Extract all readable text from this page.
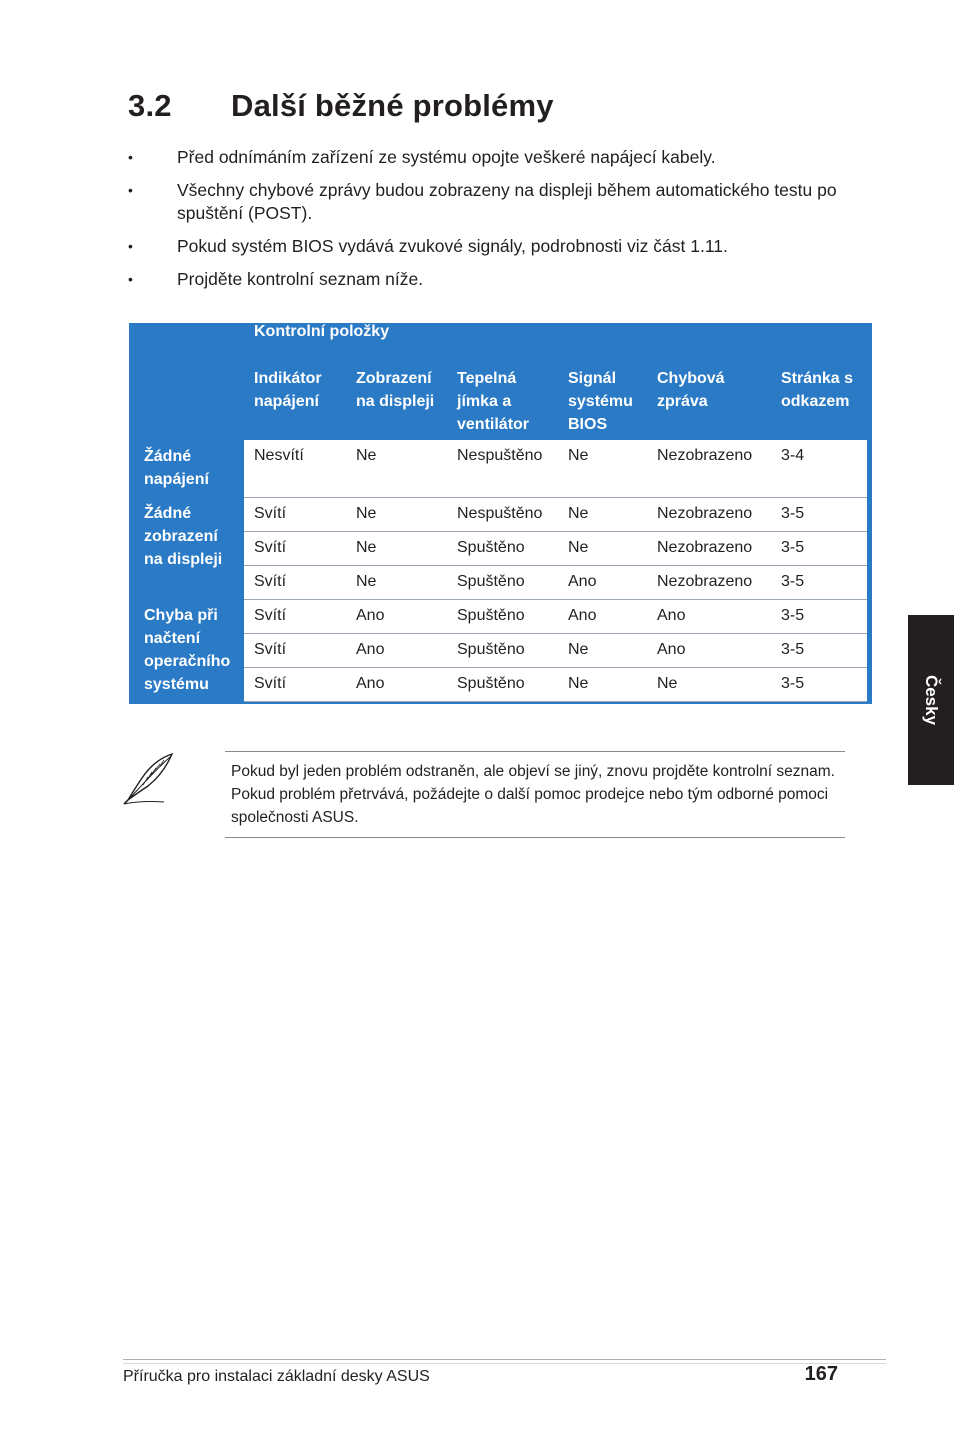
3.2 Další běžné problémy
•	Před odnímáním zařízení ze systému opojte veškeré napájecí kabely.
•	Všechny chybové zprávy budou zobrazeny na displeji během automatického testu po spuštění (POST).
•	Pokud systém BIOS vydává zvukové signály, podrobnosti viz část 1.11.
•	Projděte kontrolní seznam níže.
	Kontrolní položky					
	Indikátor napájení	Zobrazení na displeji	Tepelná jímka a ventilátor	Signál systému BIOS	Chybová zpráva	Stránka s odkazem
Žádné napájení	Nesvítí	Ne	Nespuštěno	Ne	Nezobrazeno	3-4
Žádné zobrazení na displeji	Svítí	Ne	Nespuštěno	Ne	Nezobrazeno	3-5
	Svítí	Ne	Spuštěno	Ne	Nezobrazeno	3-5
	Svítí	Ne	Spuštěno	Ano	Nezobrazeno	3-5
Chyba při načtení operačního systému	Svítí	Ano	Spuštěno	Ano	Ano	3-5
	Svítí	Ano	Spuštěno	Ne	Ano	3-5
	Svítí	Ano	Spuštěno	Ne	Ne	3-5
Pokud byl jeden problém odstraněn, ale objeví se jiný, znovu projděte kontrolní seznam. Pokud problém přetrvává, požádejte o další pomoc prodejce nebo tým odborné pomoci společnosti ASUS.
Česky
Příručka pro instalaci základní desky ASUS	167
